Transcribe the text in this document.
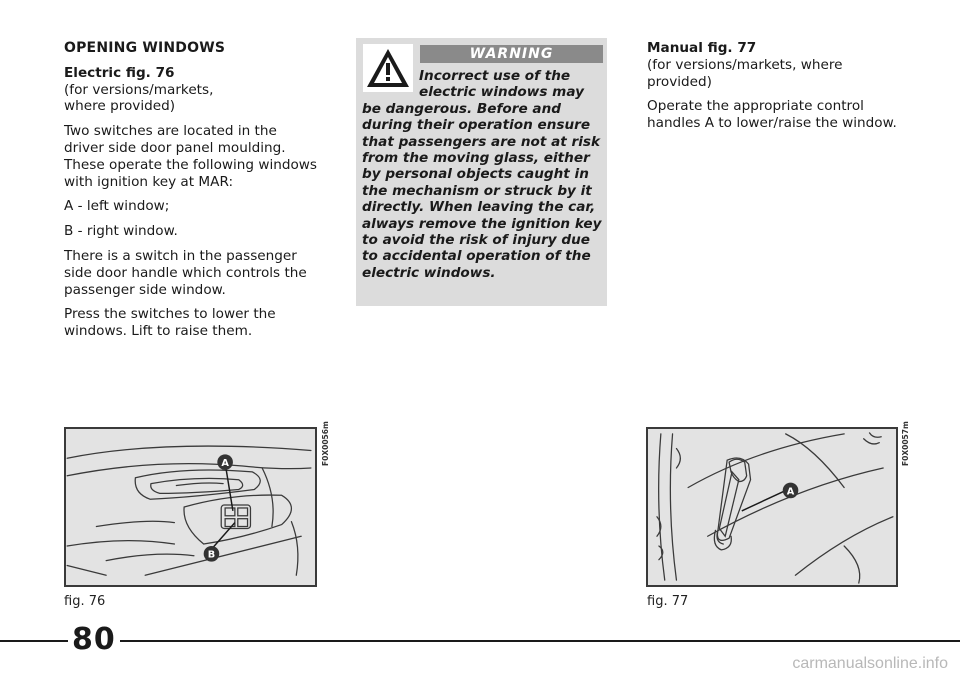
OPENING WINDOWS

Electric fig. 76
(for versions/markets,
where provided)

Two switches are located in the driver side door panel moulding. These operate the following windows with ignition key at MAR:

A - left window;

B - right window.

There is a switch in the passenger side door handle which controls the passenger side window.

Press the switches to lower the windows. Lift to raise them.

WARNING
Incorrect use of the electric windows may
be dangerous. Before and during their operation ensure that passengers are not at risk from the moving glass, either by personal objects caught in the mechanism or struck by it directly. When leaving the car, always remove the ignition key to avoid the risk of injury due to accidental operation of the electric windows.

Manual fig. 77
(for versions/markets, where provided)

Operate the appropriate control handles A to lower/raise the window.

A
B
F0X0056m
fig. 76
A
F0X0057m
fig. 77
80
carmanualsonline.info
